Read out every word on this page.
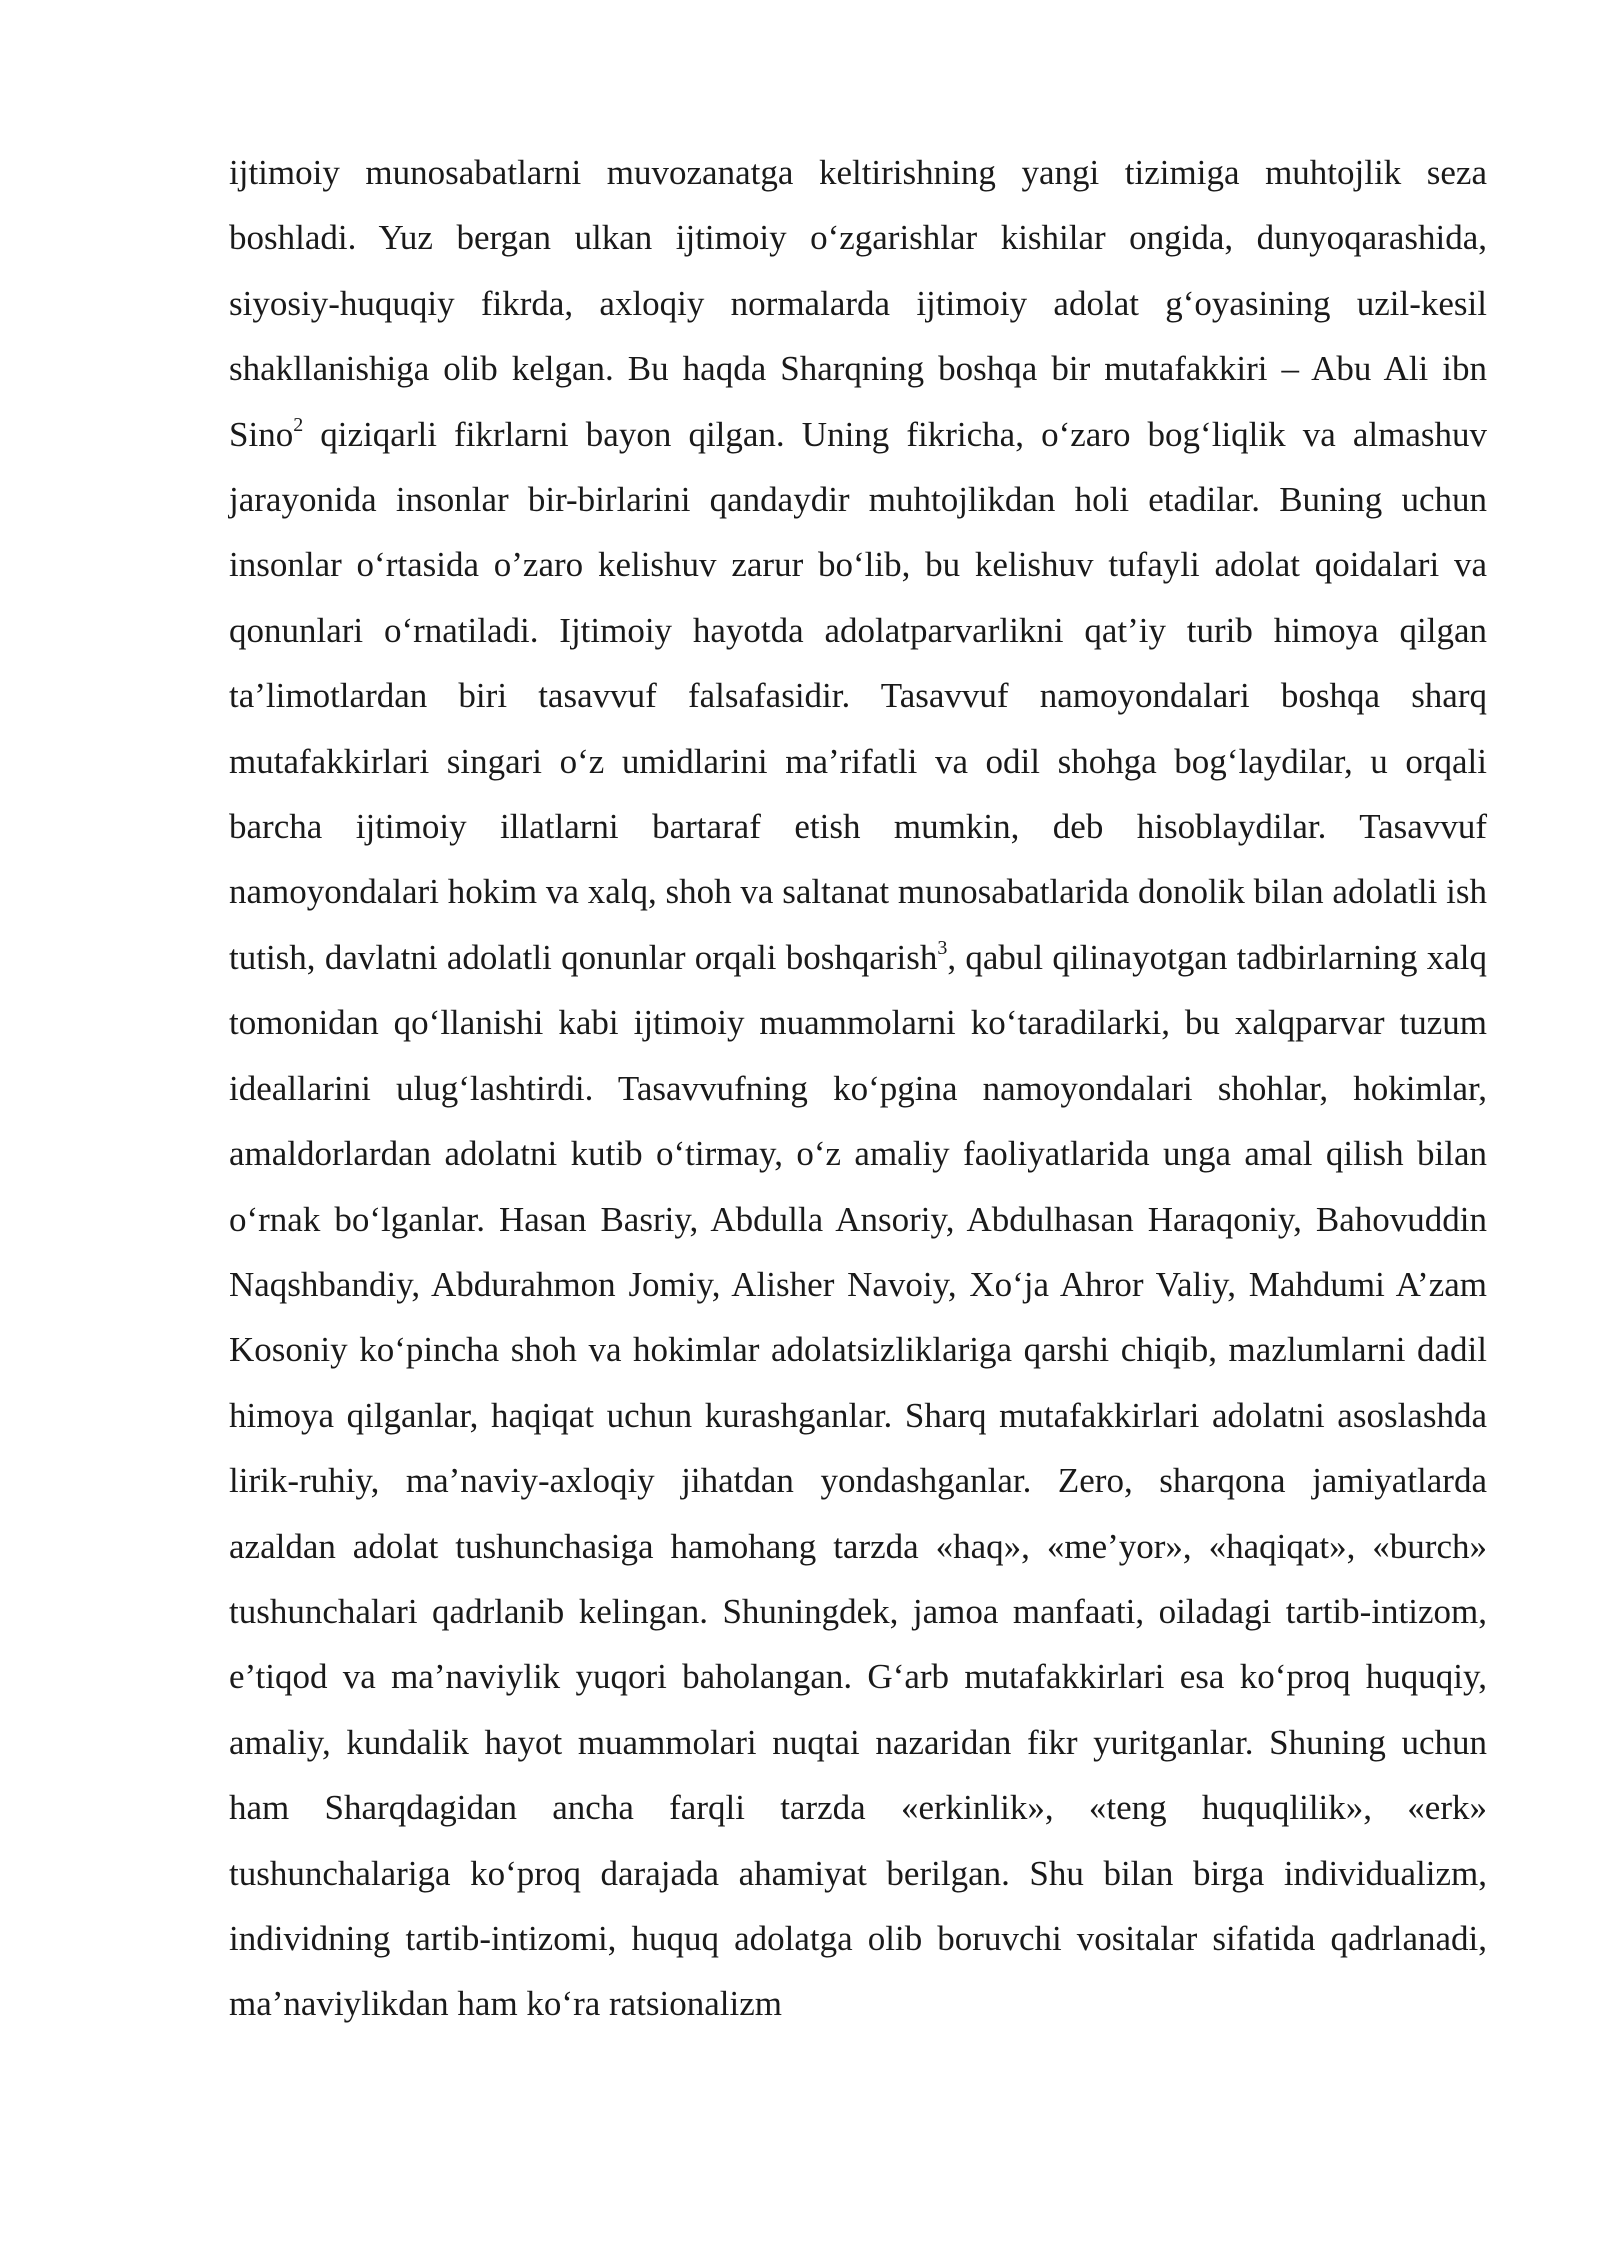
ijtimoiy munosabatlarni muvozanatga keltirishning yangi tizimiga muhtojlik seza boshladi. Yuz bergan ulkan ijtimoiy o‘zgarishlar kishilar ongida, dunyoqarashida, siyosiy-huquqiy fikrda, axloqiy normalarda ijtimoiy adolat g‘oyasining uzil-kesil shakllanishiga olib kelgan. Bu haqda Sharqning boshqa bir mutafakkiri – Abu Ali ibn Sino$^2$ qiziqarli fikrlarni bayon qilgan. Uning fikricha, o‘zaro bog‘liqlik va almashuv jarayonida insonlar bir-birlarini qandaydir muhtojlikdan holi etadilar. Buning uchun insonlar o‘rtasida o’zaro kelishuv zarur bo‘lib, bu kelishuv tufayli adolat qoidalari va qonunlari o‘rnatiladi. Ijtimoiy hayotda adolatparvarlikni qat’iy turib himoya qilgan ta’limotlardan biri tasavvuf falsafasidir. Tasavvuf namoyondalari boshqa sharq mutafakkirlari singari o‘z umidlarini ma’rifatli va odil shohga bog‘laydilar, u orqali barcha ijtimoiy illatlarni bartaraf etish mumkin, deb hisoblaydilar. Tasavvuf namoyondalari hokim va xalq, shoh va saltanat munosabatlarida donolik bilan adolatli ish tutish, davlatni adolatli qonunlar orqali boshqarish$^3$, qabul qilinayotgan tadbirlarning xalq tomonidan qo‘llanishi kabi ijtimoiy muammolarni ko‘taradilarki, bu xalqparvar tuzum ideallarini ulug‘lashtirdi. Tasavvufning ko‘pgina namoyondalari shohlar, hokimlar, amaldorlardan adolatni kutib o‘tirmay, o‘z amaliy faoliyatlarida unga amal qilish bilan o‘rnak bo‘lganlar. Hasan Basriy, Abdulla Ansoriy, Abdulhasan Haraqoniy, Bahovuddin Naqshbandiy, Abdurahmon Jomiy, Alisher Navoiy, Xo‘ja Ahror Valiy, Mahdumi A’zam Kosoniy ko‘pincha shoh va hokimlar adolatsizliklariga qarshi chiqib, mazlumlarni dadil himoya qilganlar, haqiqat uchun kurashganlar. Sharq mutafakkirlari adolatni asoslashda lirik-ruhiy, ma’naviy-axloqiy jihatdan yondashganlar. Zero, sharqona jamiyatlarda azaldan adolat tushunchasiga hamohang tarzda «haq», «me’yor», «haqiqat», «burch» tushunchalari qadrlanib kelingan. Shuningdek, jamoa manfaati, oiladagi tartib-intizom, e’tiqod va ma’naviylik yuqori baholangan. G‘arb mutafakkirlari esa ko‘proq huquqiy, amaliy, kundalik hayot muammolari nuqtai nazaridan fikr yuritganlar. Shuning uchun ham Sharqdagidan ancha farqli tarzda «erkinlik», «teng huquqlilik», «erk» tushunchalariga ko‘proq darajada ahamiyat berilgan. Shu bilan birga individualizm, individning tartib-intizomi, huquq adolatga olib boruvchi vositalar sifatida qadrlanadi, ma’naviylikdan ham ko‘ra ratsionalizm
